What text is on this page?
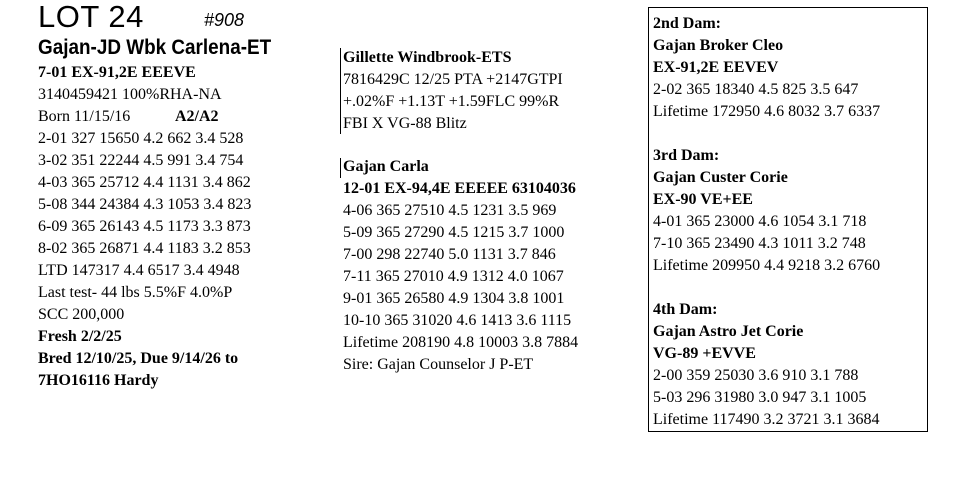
LOT 24	#908
Gajan-JD Wbk Carlena-ET
7-01 EX-91,2E EEEVE
3140459421 100%RHA-NA
Born 11/15/16	A2/A2
2-01 327 15650 4.2 662 3.4 528
3-02 351 22244 4.5 991 3.4 754
4-03 365 25712 4.4 1131 3.4 862
5-08 344 24384 4.3 1053 3.4 823
6-09 365 26143 4.5 1173 3.3 873
8-02 365 26871 4.4 1183 3.2 853
LTD 147317 4.4 6517 3.4 4948
Last test- 44 lbs 5.5%F 4.0%P
SCC 200,000
Fresh 2/2/25
Bred 12/10/25, Due 9/14/26 to
7HO16116 Hardy
Gillette Windbrook-ETS
7816429C 12/25 PTA +2147GTPI
+.02%F +1.13T +1.59FLC 99%R
FBI X VG-88 Blitz
Gajan Carla
12-01 EX-94,4E EEEEE 63104036
4-06 365 27510 4.5 1231 3.5 969
5-09 365 27290 4.5 1215 3.7 1000
7-00 298 22740 5.0 1131 3.7 846
7-11 365 27010 4.9 1312 4.0 1067
9-01 365 26580 4.9 1304 3.8 1001
10-10 365 31020 4.6 1413 3.6 1115
Lifetime 208190 4.8 10003 3.8 7884
Sire: Gajan Counselor J P-ET
2nd Dam:
Gajan Broker Cleo
EX-91,2E EEVEV
2-02 365 18340 4.5 825 3.5 647
Lifetime 172950 4.6 8032 3.7 6337
3rd Dam:
Gajan Custer Corie
EX-90 VE+EE
4-01 365 23000 4.6 1054 3.1 718
7-10 365 23490 4.3 1011 3.2 748
Lifetime 209950 4.4 9218 3.2 6760
4th Dam:
Gajan Astro Jet Corie
VG-89 +EVVE
2-00 359 25030 3.6 910 3.1 788
5-03 296 31980 3.0 947 3.1 1005
Lifetime 117490 3.2 3721 3.1 3684
